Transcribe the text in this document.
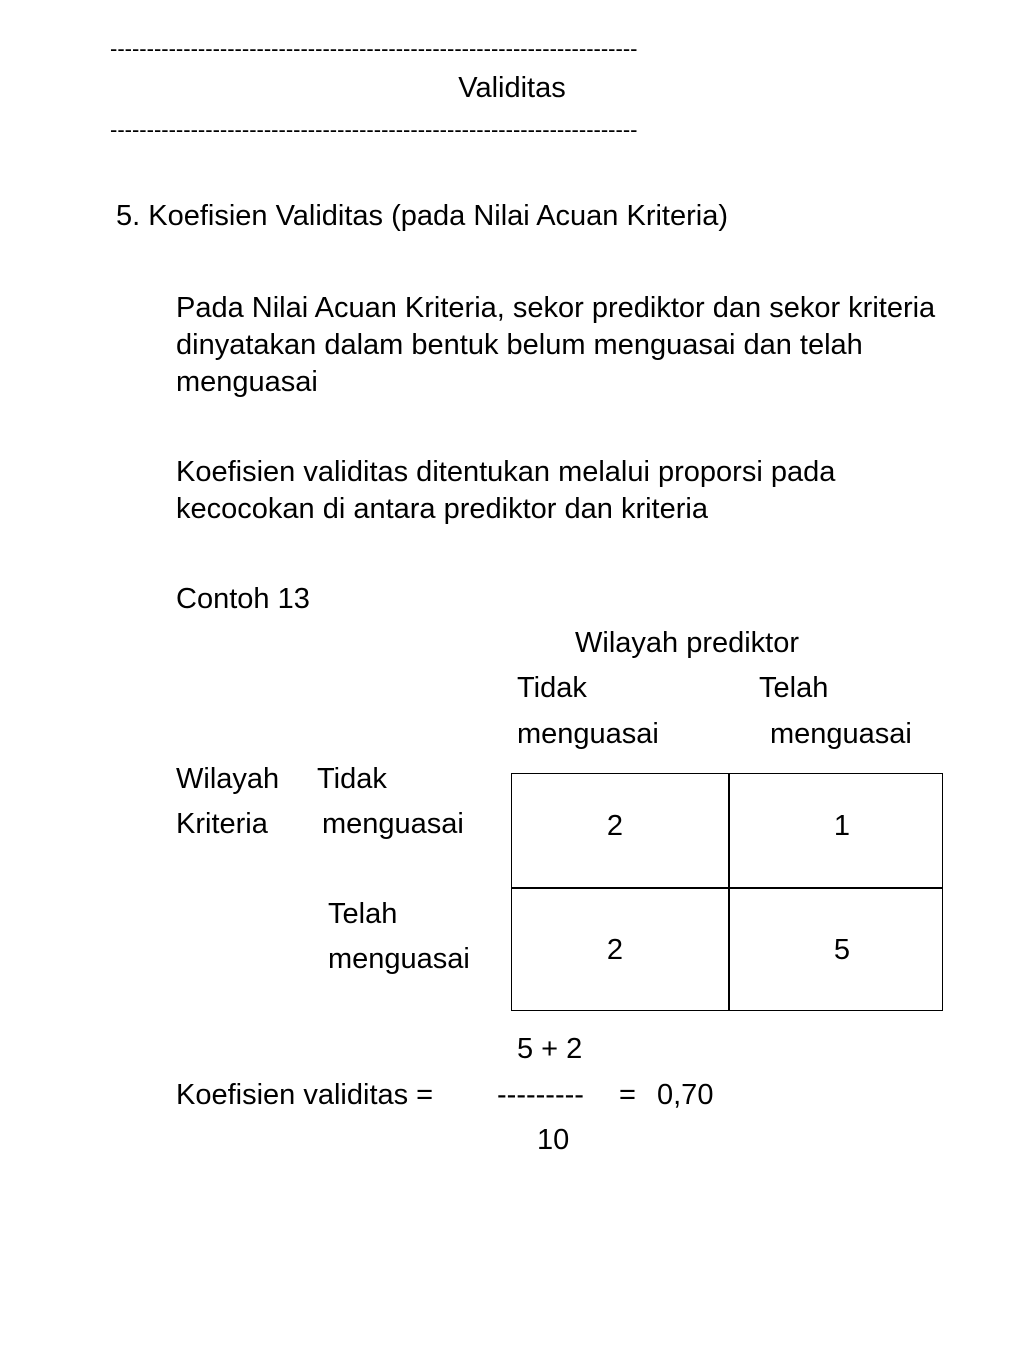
------------------------------------------------------------------------
Validitas
------------------------------------------------------------------------
5. Koefisien Validitas (pada Nilai Acuan Kriteria)
Pada Nilai Acuan Kriteria, sekor prediktor dan sekor kriteria dinyatakan dalam bentuk belum menguasai dan telah menguasai
Koefisien validitas ditentukan melalui proporsi pada kecocokan di antara prediktor dan kriteria
Contoh 13
Wilayah prediktor
Tidak
menguasai
Telah
menguasai
Wilayah
Kriteria
Tidak
menguasai
Telah
menguasai
2	1
2	5
5 + 2
Koefisien validitas = --------- = 0,70
10
